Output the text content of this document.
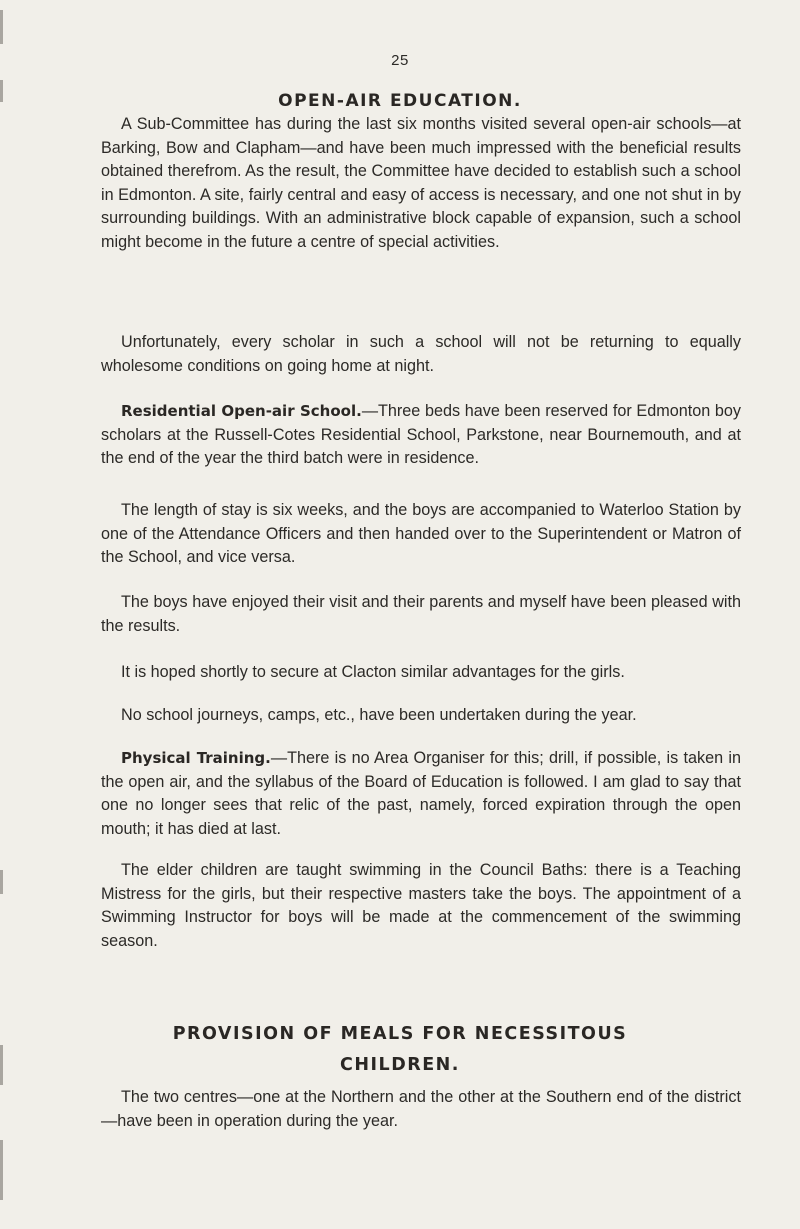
25
OPEN-AIR EDUCATION.

A Sub-Committee has during the last six months visited several open-air schools—at Barking, Bow and Clapham—and have been much impressed with the beneficial results obtained therefrom. As the result, the Committee have decided to establish such a school in Edmonton. A site, fairly central and easy of access is necessary, and one not shut in by surrounding buildings. With an administrative block capable of expansion, such a school might become in the future a centre of special activities.

Unfortunately, every scholar in such a school will not be returning to equally wholesome conditions on going home at night.

Residential Open-air School.—Three beds have been reserved for Edmonton boy scholars at the Russell-Cotes Residential School, Parkstone, near Bournemouth, and at the end of the year the third batch were in residence.

The length of stay is six weeks, and the boys are accompanied to Waterloo Station by one of the Attendance Officers and then handed over to the Superintendent or Matron of the School, and vice versa.

The boys have enjoyed their visit and their parents and myself have been pleased with the results.

It is hoped shortly to secure at Clacton similar advantages for the girls.

No school journeys, camps, etc., have been undertaken during the year.

Physical Training.—There is no Area Organiser for this; drill, if possible, is taken in the open air, and the syllabus of the Board of Education is followed. I am glad to say that one no longer sees that relic of the past, namely, forced expiration through the open mouth; it has died at last.

The elder children are taught swimming in the Council Baths: there is a Teaching Mistress for the girls, but their respective masters take the boys. The appointment of a Swimming Instructor for boys will be made at the commencement of the swimming season.

PROVISION OF MEALS FOR NECESSITOUS
CHILDREN.

The two centres—one at the Northern and the other at the Southern end of the district—have been in operation during the year.
